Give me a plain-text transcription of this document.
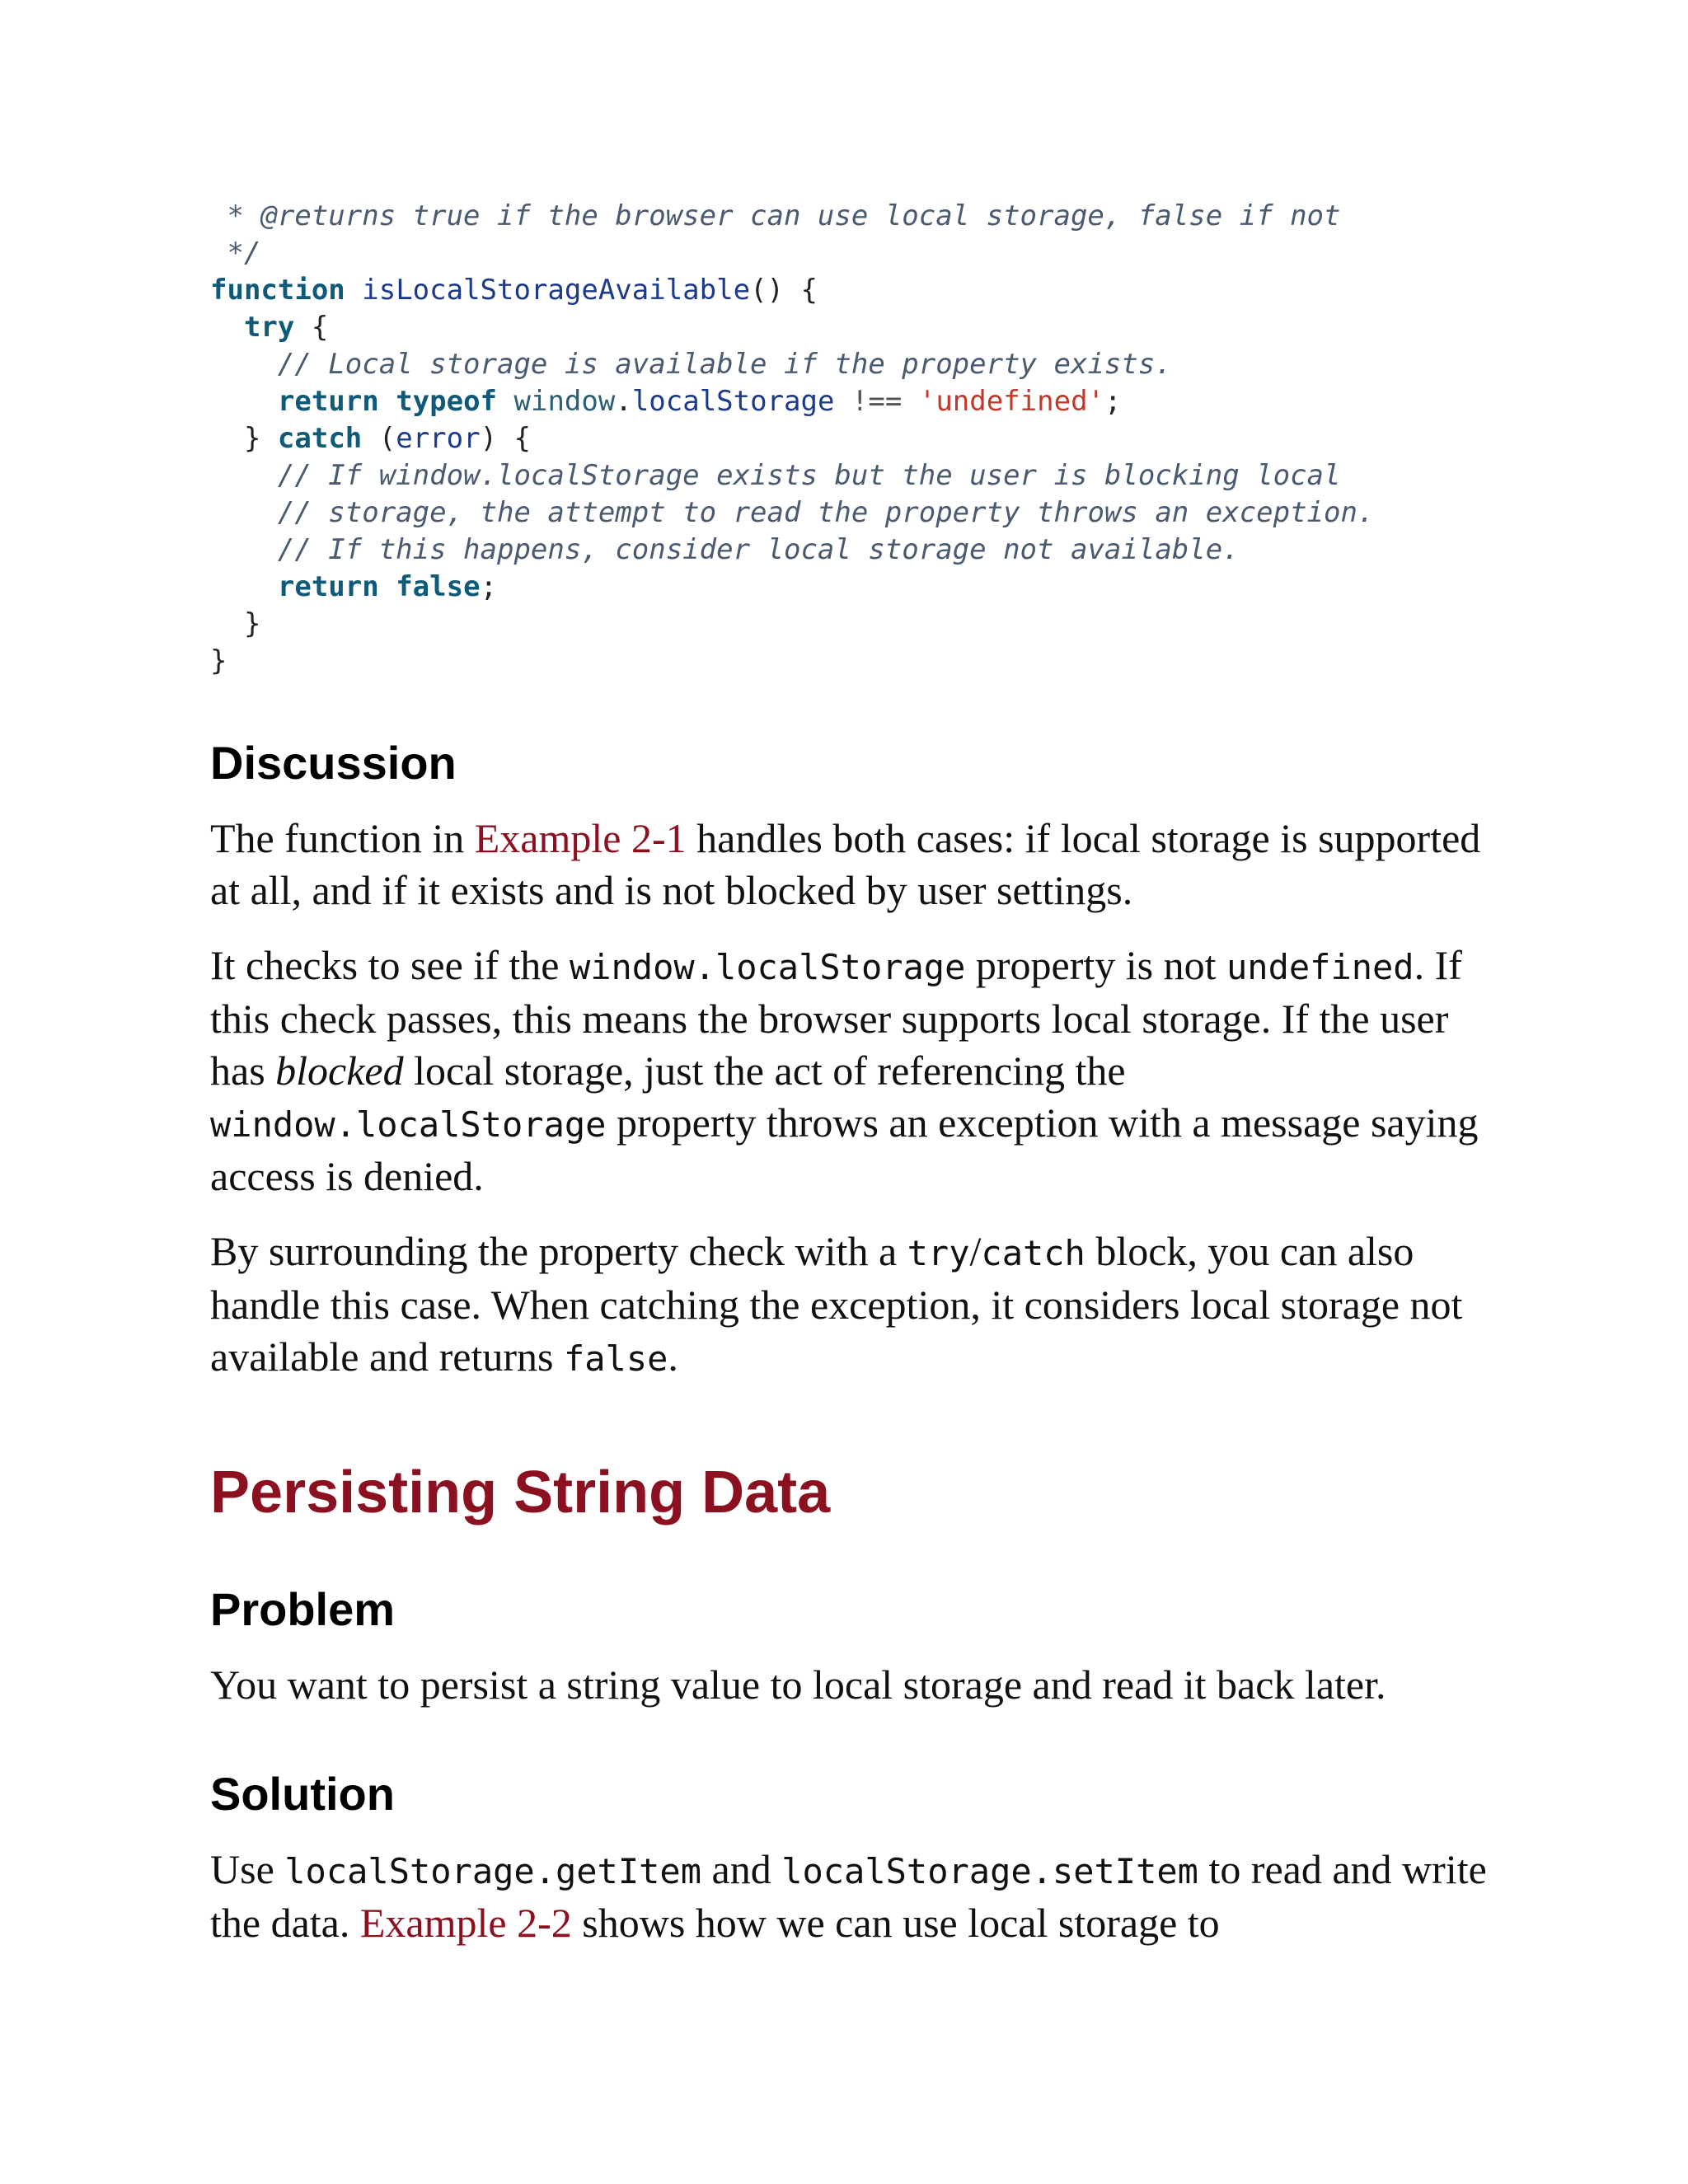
* @returns true if the browser can use local storage, false if not
*/
function isLocalStorageAvailable() {
try {
// Local storage is available if the property exists.
return typeof window.localStorage !== 'undefined';
} catch (error) {
// If window.localStorage exists but the user is blocking local
// storage, the attempt to read the property throws an exception.
// If this happens, consider local storage not available.
return false;
}
}
Discussion

The function in Example 2-1 handles both cases: if local storage is supported at all, and if it exists and is not blocked by user settings.

It checks to see if the window.localStorage property is not undefined. If this check passes, this means the browser supports local storage. If the user has blocked local storage, just the act of referencing the window.localStorage property throws an exception with a message saying access is denied.

By surrounding the property check with a try/catch block, you can also handle this case. When catching the exception, it considers local storage not available and returns false.

Persisting String Data
Problem

You want to persist a string value to local storage and read it back later.

Solution

Use localStorage.getItem and localStorage.setItem to read and write the data. Example 2-2 shows how we can use local storage to
